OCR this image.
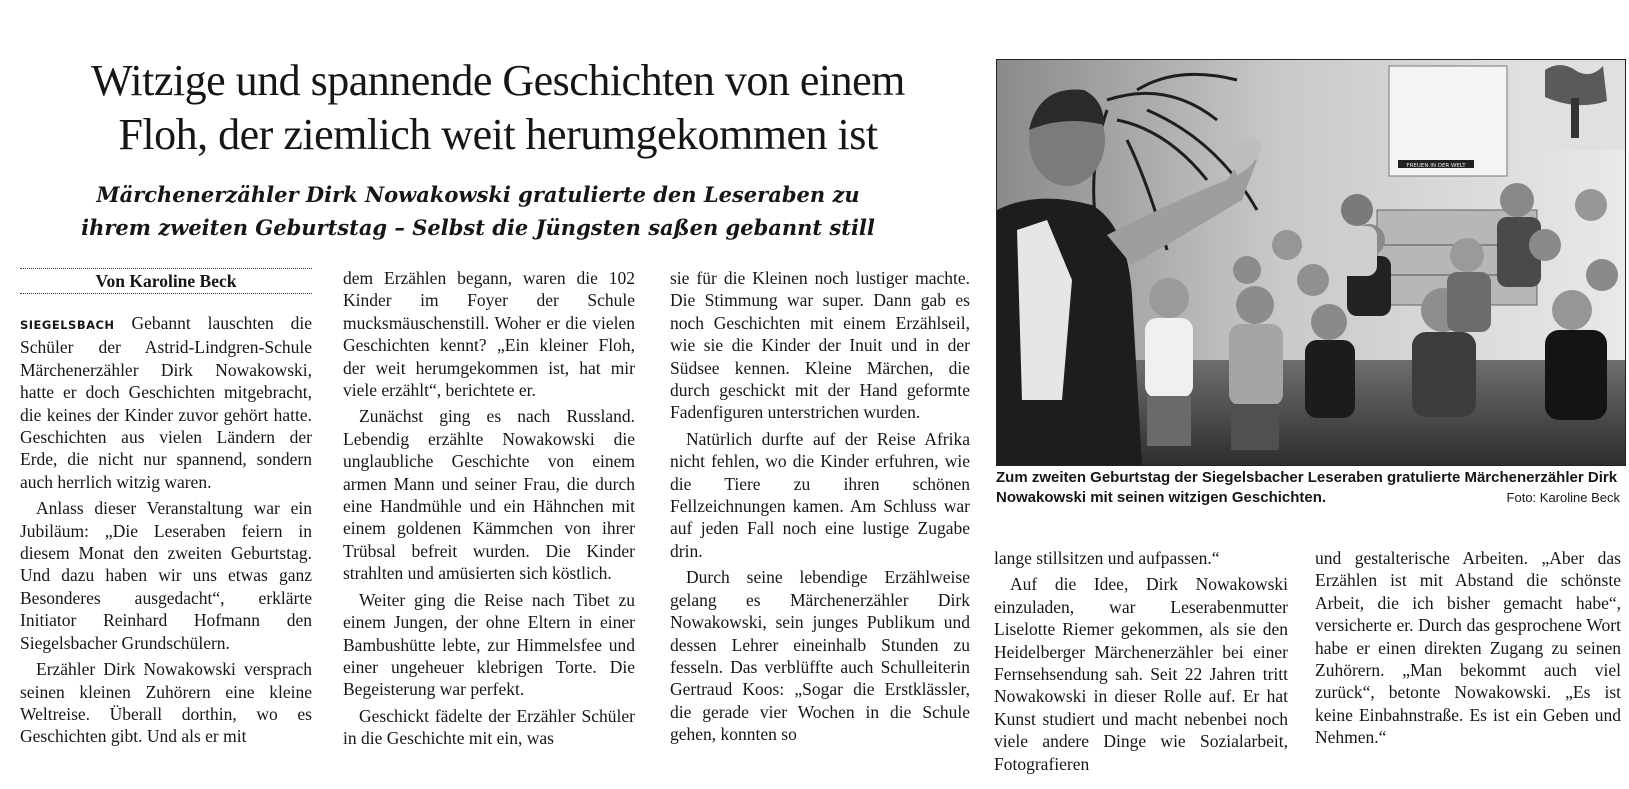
Witzige und spannende Geschichten von einem
Floh, der ziemlich weit herumgekommen ist
Märchenerzähler Dirk Nowakowski gratulierte den Leseraben zu
ihrem zweiten Geburtstag – Selbst die Jüngsten saßen gebannt still
Von Karoline Beck

SIEGELSBACH Gebannt lauschten die Schüler der Astrid-Lindgren-Schule Märchenerzähler Dirk Nowakowski, hatte er doch Geschichten mitgebracht, die keines der Kinder zuvor gehört hatte. Geschichten aus vielen Ländern der Erde, die nicht nur spannend, sondern auch herrlich witzig waren.

Anlass dieser Veranstaltung war ein Jubiläum: „Die Leseraben feiern in diesem Monat den zweiten Geburtstag. Und dazu haben wir uns etwas ganz Besonderes ausgedacht“, erklärte Initiator Reinhard Hofmann den Siegelsbacher Grundschülern.

Erzähler Dirk Nowakowski versprach seinen kleinen Zuhörern eine kleine Weltreise. Überall dorthin, wo es Geschichten gibt. Und als er mit

dem Erzählen begann, waren die 102 Kinder im Foyer der Schule mucksmäuschenstill. Woher er die vielen Geschichten kennt? „Ein kleiner Floh, der weit herumgekommen ist, hat mir viele erzählt“, berichtete er.

Zunächst ging es nach Russland. Lebendig erzählte Nowakowski die unglaubliche Geschichte von einem armen Mann und seiner Frau, die durch eine Handmühle und ein Hähnchen mit einem goldenen Kämmchen von ihrer Trübsal befreit wurden. Die Kinder strahlten und amüsierten sich köstlich.

Weiter ging die Reise nach Tibet zu einem Jungen, der ohne Eltern in einer Bambushütte lebte, zur Himmelsfee und einer ungeheuer klebrigen Torte. Die Begeisterung war perfekt.

Geschickt fädelte der Erzähler Schüler in die Geschichte mit ein, was

sie für die Kleinen noch lustiger machte. Die Stimmung war super. Dann gab es noch Geschichten mit einem Erzählseil, wie sie die Kinder der Inuit und in der Südsee kennen. Kleine Märchen, die durch geschickt mit der Hand geformte Fadenfiguren unterstrichen wurden.

Natürlich durfte auf der Reise Afrika nicht fehlen, wo die Kinder erfuhren, wie die Tiere zu ihren schönen Fellzeichnungen kamen. Am Schluss war auf jeden Fall noch eine lustige Zugabe drin.

Durch seine lebendige Erzählweise gelang es Märchenerzähler Dirk Nowakowski, sein junges Publikum und dessen Lehrer eineinhalb Stunden zu fesseln. Das verblüffte auch Schulleiterin Gertraud Koos: „Sogar die Erstklässler, die gerade vier Wochen in die Schule gehen, konnten so

FREUEN IN DER WELT
Zum zweiten Geburtstag der Siegelsbacher Leseraben gratulierte Märchenerzähler Dirk Nowakowski mit seinen witzigen Geschichten.	Foto: Karoline Beck

lange stillsitzen und aufpassen.“

Auf die Idee, Dirk Nowakowski einzuladen, war Leserabenmutter Liselotte Riemer gekommen, als sie den Heidelberger Märchenerzähler bei einer Fernsehsendung sah. Seit 22 Jahren tritt Nowakowski in dieser Rolle auf. Er hat Kunst studiert und macht nebenbei noch viele andere Dinge wie Sozialarbeit, Fotografieren

und gestalterische Arbeiten. „Aber das Erzählen ist mit Abstand die schönste Arbeit, die ich bisher gemacht habe“, versicherte er. Durch das gesprochene Wort habe er einen direkten Zugang zu seinen Zuhörern. „Man bekommt auch viel zurück“, betonte Nowakowski. „Es ist keine Einbahnstraße. Es ist ein Geben und Nehmen.“
